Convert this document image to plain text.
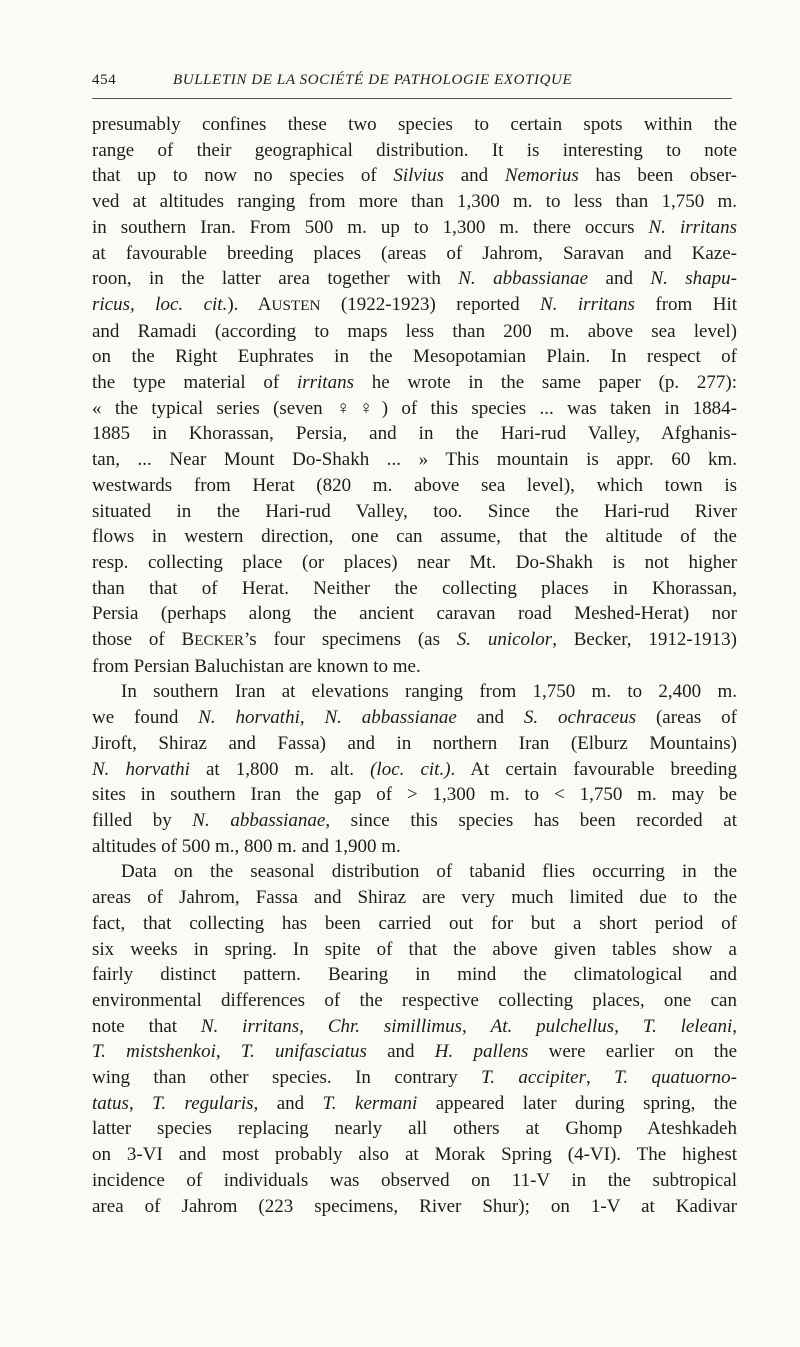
454	BULLETIN DE LA SOCIÉTÉ DE PATHOLOGIE EXOTIQUE

presumably confines these two species to certain spots within the

range of their geographical distribution. It is interesting to note

that up to now no species of Silvius and Nemorius has been obser-

ved at altitudes ranging from more than 1,300 m. to less than 1,750 m.

in southern Iran. From 500 m. up to 1,300 m. there occurs N. irritans

at favourable breeding places (areas of Jahrom, Saravan and Kaze-

roon, in the latter area together with N. abbassianae and N. shapu-

ricus, loc. cit.). AUSTEN (1922-1923) reported N. irritans from Hit

and Ramadi (according to maps less than 200 m. above sea level)

on the Right Euphrates in the Mesopotamian Plain. In respect of

the type material of irritans he wrote in the same paper (p. 277):

« the typical series (seven ♀♀) of this species ... was taken in 1884-

1885 in Khorassan, Persia, and in the Hari-rud Valley, Afghanis-

tan, ... Near Mount Do-Shakh ... » This mountain is appr. 60 km.

westwards from Herat (820 m. above sea level), which town is

situated in the Hari-rud Valley, too. Since the Hari-rud River

flows in western direction, one can assume, that the altitude of the

resp. collecting place (or places) near Mt. Do-Shakh is not higher

than that of Herat. Neither the collecting places in Khorassan,

Persia (perhaps along the ancient caravan road Meshed-Herat) nor

those of BECKER’s four specimens (as S. unicolor, Becker, 1912-1913)

from Persian Baluchistan are known to me.

In southern Iran at elevations ranging from 1,750 m. to 2,400 m.

we found N. horvathi, N. abbassianae and S. ochraceus (areas of

Jiroft, Shiraz and Fassa) and in northern Iran (Elburz Mountains)

N. horvathi at 1,800 m. alt. (loc. cit.). At certain favourable breeding

sites in southern Iran the gap of > 1,300 m. to < 1,750 m. may be

filled by N. abbassianae, since this species has been recorded at

altitudes of 500 m., 800 m. and 1,900 m.

Data on the seasonal distribution of tabanid flies occurring in the

areas of Jahrom, Fassa and Shiraz are very much limited due to the

fact, that collecting has been carried out for but a short period of

six weeks in spring. In spite of that the above given tables show a

fairly distinct pattern. Bearing in mind the climatological and

environmental differences of the respective collecting places, one can

note that N. irritans, Chr. simillimus, At. pulchellus, T. leleani,

T. mistshenkoi, T. unifasciatus and H. pallens were earlier on the

wing than other species. In contrary T. accipiter, T. quatuorno-

tatus, T. regularis, and T. kermani appeared later during spring, the

latter species replacing nearly all others at Ghomp Ateshkadeh

on 3-VI and most probably also at Morak Spring (4-VI). The highest

incidence of individuals was observed on 11-V in the subtropical

area of Jahrom (223 specimens, River Shur); on 1-V at Kadivar
